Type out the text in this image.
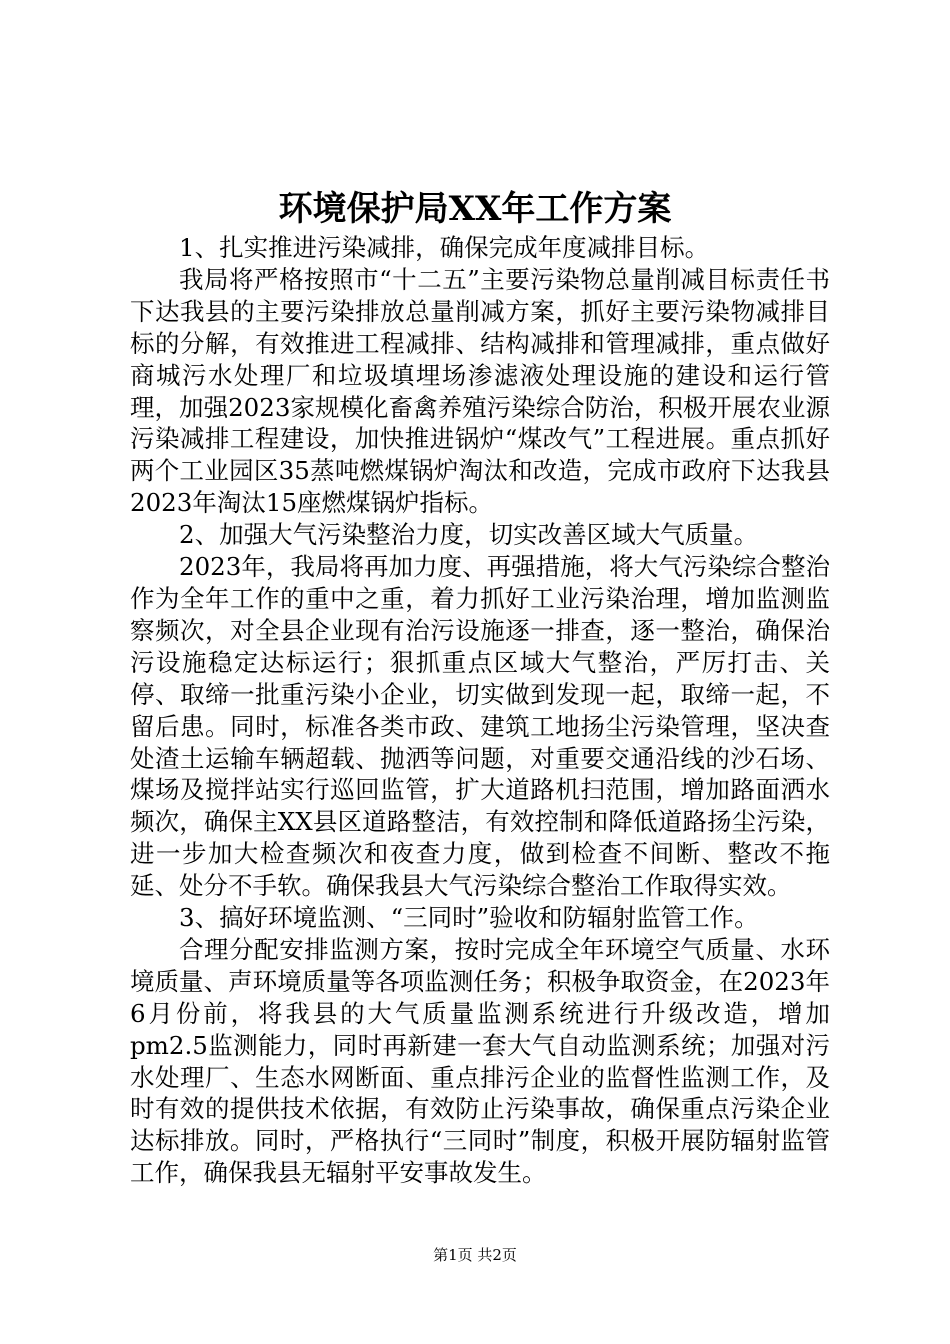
环境保护局XX年工作方案

1、扎实推进污染减排，确保完成年度减排目标。

我局将严格按照市“十二五”主要污染物总量削减目标责任书下达我县的主要污染排放总量削减方案，抓好主要污染物减排目标的分解，有效推进工程减排、结构减排和管理减排，重点做好商城污水处理厂和垃圾填埋场渗滤液处理设施的建设和运行管理，加强2023家规模化畜禽养殖污染综合防治，积极开展农业源污染减排工程建设，加快推进锅炉“煤改气”工程进展。重点抓好两个工业园区35蒸吨燃煤锅炉淘汰和改造，完成市政府下达我县2023年淘汰15座燃煤锅炉指标。

2、加强大气污染整治力度，切实改善区域大气质量。

2023年，我局将再加力度、再强措施，将大气污染综合整治作为全年工作的重中之重，着力抓好工业污染治理，增加监测监察频次，对全县企业现有治污设施逐一排查，逐一整治，确保治污设施稳定达标运行；狠抓重点区域大气整治，严厉打击、关停、取缔一批重污染小企业，切实做到发现一起，取缔一起，不留后患。同时，标准各类市政、建筑工地扬尘污染管理，坚决查处渣土运输车辆超载、抛洒等问题，对重要交通沿线的沙石场、煤场及搅拌站实行巡回监管，扩大道路机扫范围，增加路面洒水频次，确保主XX县区道路整洁，有效控制和降低道路扬尘污染，进一步加大检查频次和夜查力度，做到检查不间断、整改不拖延、处分不手软。确保我县大气污染综合整治工作取得实效。

3、搞好环境监测、“三同时”验收和防辐射监管工作。

合理分配安排监测方案，按时完成全年环境空气质量、水环境质量、声环境质量等各项监测任务；积极争取资金，在2023年6月份前，将我县的大气质量监测系统进行升级改造，增加pm2.5监测能力，同时再新建一套大气自动监测系统；加强对污水处理厂、生态水网断面、重点排污企业的监督性监测工作，及时有效的提供技术依据，有效防止污染事故，确保重点污染企业达标排放。同时，严格执行“三同时”制度，积极开展防辐射监管工作，确保我县无辐射平安事故发生。

第1页 共2页
